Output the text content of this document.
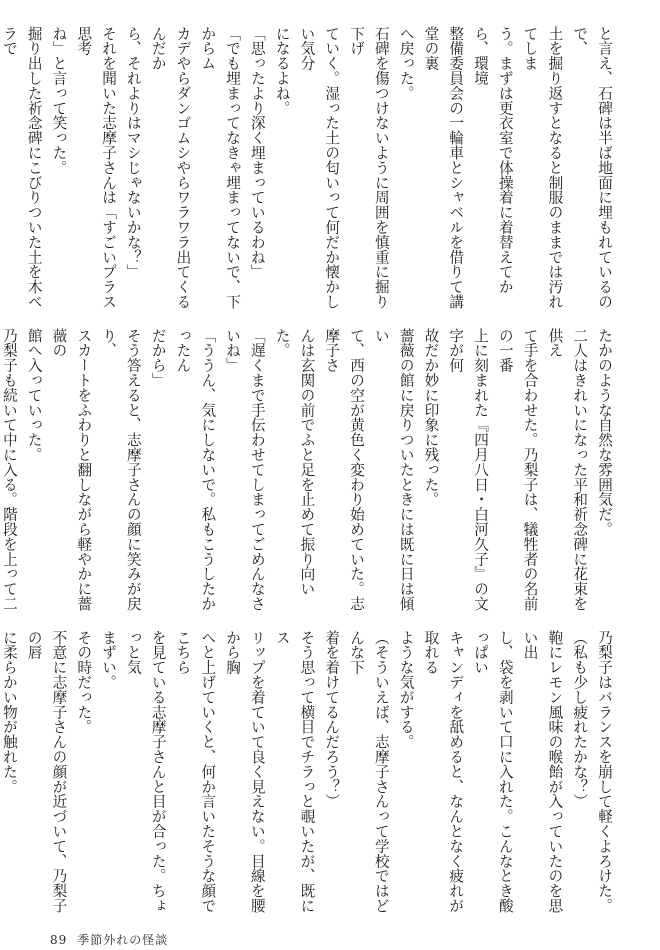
と言え、石碑は半ば地面に埋もれているので、
土を掘り返すとなると制服のままでは汚れてしま
う。まずは更衣室で体操着に着替えてから、環境
整備委員会の一輪車とシャベルを借りて講堂の裏
へ戻った。
石碑を傷つけないように周囲を慎重に掘り下げ
ていく。湿った土の匂いって何だか懐かしい気分
になるよね。
「思ったより深く埋まっているわね」
「でも埋まってなきゃ埋まってないで、下からム
カデやらダンゴムシやらワラワラ出てくるんだか
ら、それよりはマシじゃないかな？」
それを聞いた志摩子さんは「すごいプラス思考
ね」と言って笑った。
掘り出した祈念碑にこびりついた土を木ベラで

たかのような自然な雰囲気だ。
二人はきれいになった平和祈念碑に花束を供え
て手を合わせた。乃梨子は、犠牲者の名前の一番
上に刻まれた『四月八日・白河久子』の文字が何
故だか妙に印象に残った。
薔薇の館に戻りついたときには既に日は傾い
て、西の空が黄色く変わり始めていた。志摩子さ
んは玄関の前でふと足を止めて振り向いた。
「遅くまで手伝わせてしまってごめんなさいね」
「ううん、気にしないで。私もこうしたかったん
だから」
そう答えると、志摩子さんの顔に笑みが戻り、
スカートをふわりと翻しながら軽やかに薔薇の
館へ入っていった。
乃梨子も続いて中に入る。階段を上って二

乃梨子はバランスを崩して軽くよろけた。
（私も少し疲れたかな？）
鞄にレモン風味の喉飴が入っていたのを思い出
し、袋を剥いて口に入れた。こんなとき酸っぱい
キャンディを舐めると、なんとなく疲れが取れる
ような気がする。
（そういえば、志摩子さんって学校ではどんな下
着を着けてるんだろう？）
そう思って横目でチラっと覗いたが、既にス
リップを着ていて良く見えない。目線を腰から胸
へと上げていくと、何か言いたそうな顔でこちら
を見ている志摩子さんと目が合った。ちょっと気
まずい。
その時だった。
不意に志摩子さんの顔が近づいて、乃梨子の唇
に柔らかい物が触れた。

89 季節外れの怪談
